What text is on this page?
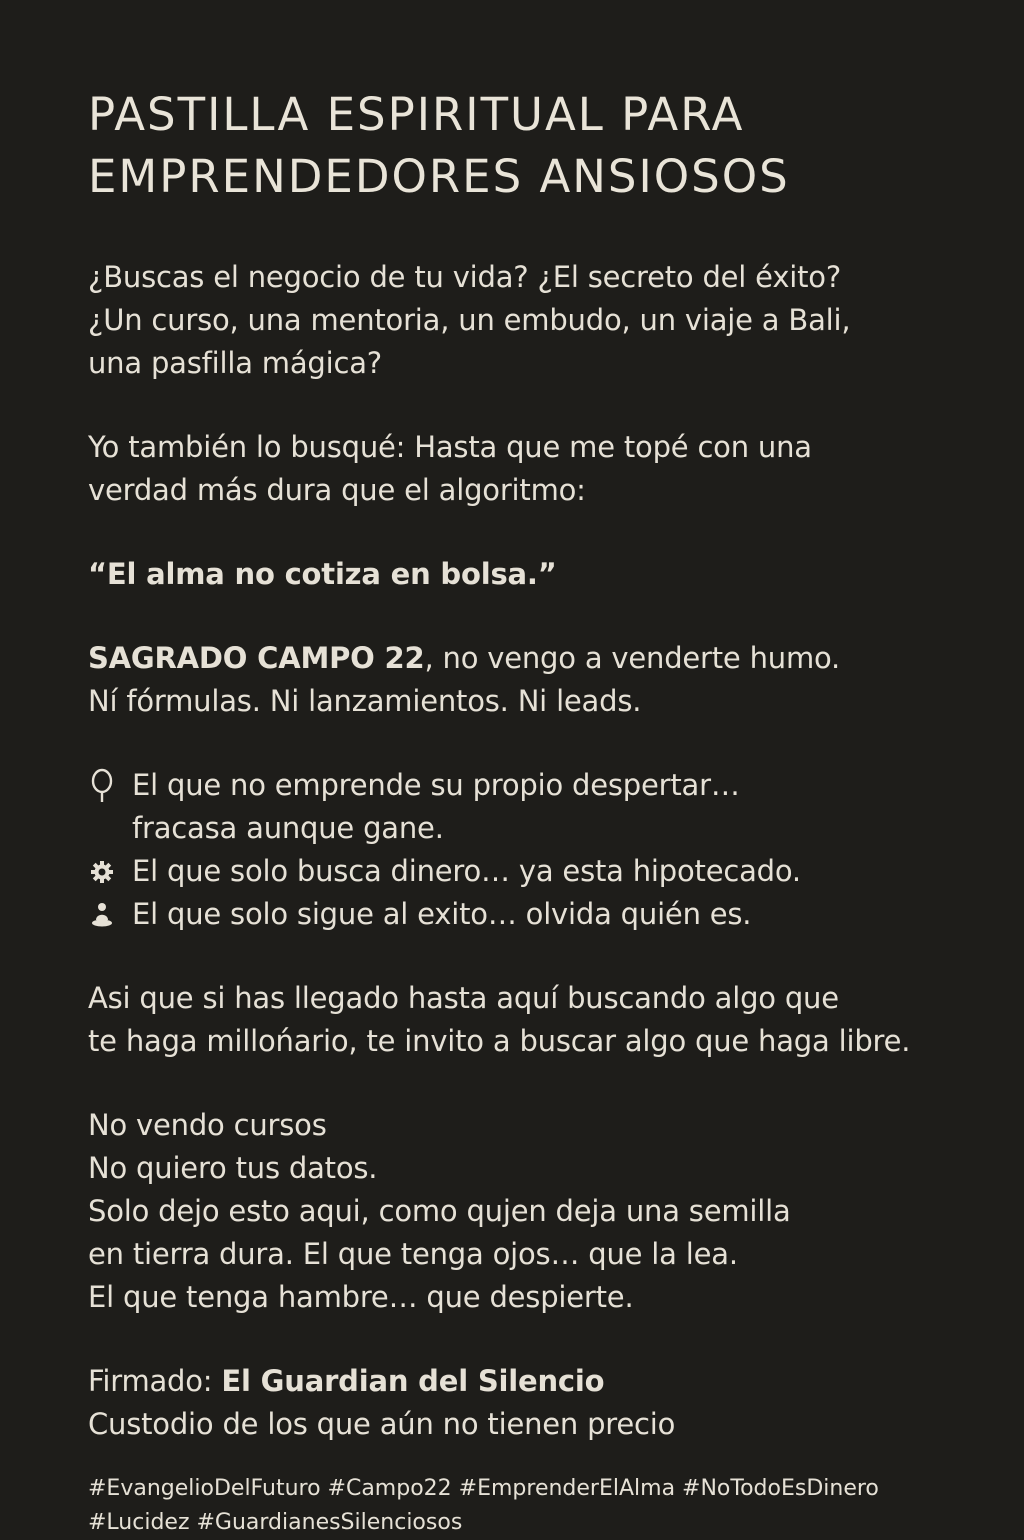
PASTILLA ESPIRITUAL PARA
EMPRENDEDORES ANSIOSOS

¿Buscas el negocio de tu vida? ¿El secreto del éxito?
¿Un curso, una mentoria, un embudo, un viaje a Bali,
una pasfilla mágica?

Yo también lo busqué: Hasta que me topé con una
verdad más dura que el algoritmo:

“El alma no cotiza en bolsa.”

SAGRADO CAMPO 22, no vengo a venderte humo.
Ní fórmulas. Ni lanzamientos. Ni leads.
El que no emprende su propio despertar…
fracasa aunque gane.
El que solo busca dinero… ya esta hipotecado.
El que solo sigue al exito… olvida quién es.

Asi que si has llegado hasta aquí buscando algo que
te haga millońario, te invito a buscar algo que haga libre.

No vendo cursos
No quiero tus datos.
Solo dejo esto aqui, como qujen deja una semilla
en tierra dura. El que tenga ojos… que la lea.
El que tenga hambre… que despierte.

Firmado: El Guardian del Silencio
Custodio de los que aún no tienen precio

#EvangelioDelFuturo #Campo22 #EmprenderElAlma #NoTodoEsDinero
#Lucidez #GuardianesSilenciosos
